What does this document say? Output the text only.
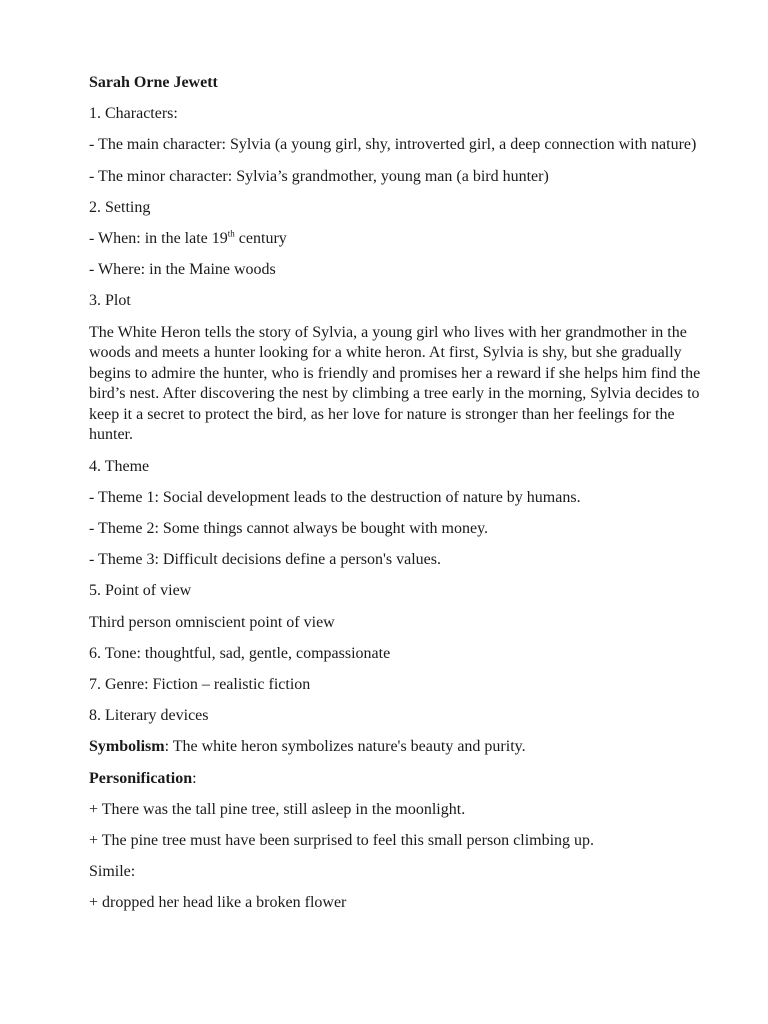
Sarah Orne Jewett

1. Characters:

- The main character: Sylvia (a young girl, shy, introverted girl, a deep connection with nature)

- The minor character: Sylvia’s grandmother, young man (a bird hunter)

2. Setting

- When: in the late 19th century

- Where: in the Maine woods

3. Plot

The White Heron tells the story of Sylvia, a young girl who lives with her grandmother in the woods and meets a hunter looking for a white heron. At first, Sylvia is shy, but she gradually begins to admire the hunter, who is friendly and promises her a reward if she helps him find the bird’s nest. After discovering the nest by climbing a tree early in the morning, Sylvia decides to keep it a secret to protect the bird, as her love for nature is stronger than her feelings for the hunter.

4. Theme

- Theme 1: Social development leads to the destruction of nature by humans.

- Theme 2: Some things cannot always be bought with money.

- Theme 3: Difficult decisions define a person's values.

5. Point of view

Third person omniscient point of view

6. Tone: thoughtful, sad, gentle, compassionate

7. Genre: Fiction – realistic fiction

8. Literary devices

Symbolism: The white heron symbolizes nature's beauty and purity.

Personification:

+ There was the tall pine tree, still asleep in the moonlight.

+ The pine tree must have been surprised to feel this small person climbing up.

Simile:

+ dropped her head like a broken flower
